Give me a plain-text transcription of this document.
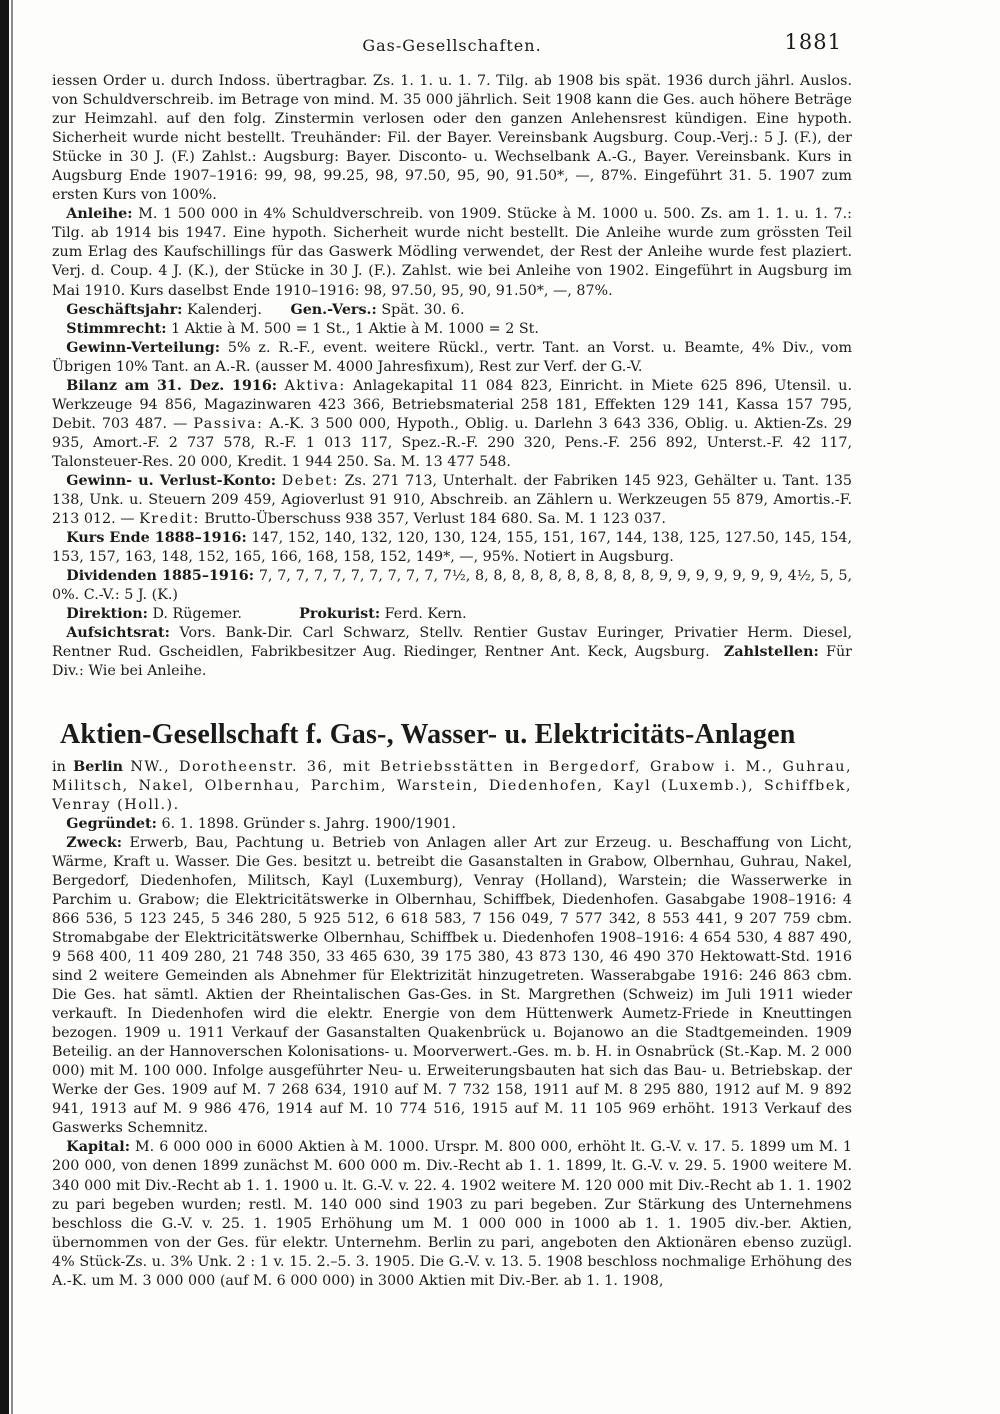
Gas-Gesellschaften.	1881

iessen Order u. durch Indoss. übertragbar. Zs. 1. 1. u. 1. 7. Tilg. ab 1908 bis spät. 1936 durch jährl. Auslos. von Schuldverschreib. im Betrage von mind. M. 35 000 jährlich. Seit 1908 kann die Ges. auch höhere Beträge zur Heimzahl. auf den folg. Zinstermin verlosen oder den ganzen Anlehensrest kündigen. Eine hypoth. Sicherheit wurde nicht bestellt. Treuhänder: Fil. der Bayer. Vereinsbank Augsburg. Coup.-Verj.: 5 J. (F.), der Stücke in 30 J. (F.) Zahlst.: Augsburg: Bayer. Disconto- u. Wechselbank A.-G., Bayer. Vereinsbank. Kurs in Augsburg Ende 1907–1916: 99, 98, 99.25, 98, 97.50, 95, 90, 91.50*, —, 87%. Eingeführt 31. 5. 1907 zum ersten Kurs von 100%.

 Anleihe: M. 1 500 000 in 4% Schuldverschreib. von 1909. Stücke à M. 1000 u. 500. Zs. am 1. 1. u. 1. 7.: Tilg. ab 1914 bis 1947. Eine hypoth. Sicherheit wurde nicht bestellt. Die Anleihe wurde zum grössten Teil zum Erlag des Kaufschillings für das Gaswerk Mödling verwendet, der Rest der Anleihe wurde fest plaziert. Verj. d. Coup. 4 J. (K.), der Stücke in 30 J. (F.). Zahlst. wie bei Anleihe von 1902. Eingeführt in Augsburg im Mai 1910. Kurs daselbst Ende 1910–1916: 98, 97.50, 95, 90, 91.50*, —, 87%.

 Geschäftsjahr: Kalenderj.   Gen.-Vers.: Spät. 30. 6.

 Stimmrecht: 1 Aktie à M. 500 = 1 St., 1 Aktie à M. 1000 = 2 St.

 Gewinn-Verteilung: 5% z. R.-F., event. weitere Rückl., vertr. Tant. an Vorst. u. Beamte, 4% Div., vom Übrigen 10% Tant. an A.-R. (ausser M. 4000 Jahresfixum), Rest zur Verf. der G.-V.

 Bilanz am 31. Dez. 1916: Aktiva: Anlagekapital 11 084 823, Einricht. in Miete 625 896, Utensil. u. Werkzeuge 94 856, Magazinwaren 423 366, Betriebsmaterial 258 181, Effekten 129 141, Kassa 157 795, Debit. 703 487. — Passiva: A.-K. 3 500 000, Hypoth., Oblig. u. Darlehn 3 643 336, Oblig. u. Aktien-Zs. 29 935, Amort.-F. 2 737 578, R.-F. 1 013 117, Spez.-R.-F. 290 320, Pens.-F. 256 892, Unterst.-F. 42 117, Talonsteuer-Res. 20 000, Kredit. 1 944 250. Sa. M. 13 477 548.

 Gewinn- u. Verlust-Konto: Debet: Zs. 271 713, Unterhalt. der Fabriken 145 923, Gehälter u. Tant. 135 138, Unk. u. Steuern 209 459, Agioverlust 91 910, Abschreib. an Zählern u. Werkzeugen 55 879, Amortis.-F. 213 012. — Kredit: Brutto-Überschuss 938 357, Verlust 184 680. Sa. M. 1 123 037.

 Kurs Ende 1888–1916: 147, 152, 140, 132, 120, 130, 124, 155, 151, 167, 144, 138, 125, 127.50, 145, 154, 153, 157, 163, 148, 152, 165, 166, 168, 158, 152, 149*, —, 95%. Notiert in Augsburg.

 Dividenden 1885–1916: 7, 7, 7, 7, 7, 7, 7, 7, 7, 7, 7½, 8, 8, 8, 8, 8, 8, 8, 8, 8, 8, 9, 9, 9, 9, 9, 9, 9, 4½, 5, 5, 0%. C.-V.: 5 J. (K.)

 Direktion: D. Rügemer.    	Prokurist: Ferd. Kern.

 Aufsichtsrat: Vors. Bank-Dir. Carl Schwarz, Stellv. Rentier Gustav Euringer, Privatier Herm. Diesel, Rentner Rud. Gscheidlen, Fabrikbesitzer Aug. Riedinger, Rentner Ant. Keck, Augsburg.  Zahlstellen: Für Div.: Wie bei Anleihe.

Aktien-Gesellschaft f. Gas-, Wasser- u. Elektricitäts-Anlagen

in Berlin NW., Dorotheenstr. 36, mit Betriebsstätten in Bergedorf, Grabow i. M., Guhrau, Militsch, Nakel, Olbernhau, Parchim, Warstein, Diedenhofen, Kayl (Luxemb.), Schiffbek, Venray (Holl.).

 Gegründet: 6. 1. 1898. Gründer s. Jahrg. 1900/1901.

 Zweck: Erwerb, Bau, Pachtung u. Betrieb von Anlagen aller Art zur Erzeug. u. Beschaffung von Licht, Wärme, Kraft u. Wasser. Die Ges. besitzt u. betreibt die Gasanstalten in Grabow, Olbernhau, Guhrau, Nakel, Bergedorf, Diedenhofen, Militsch, Kayl (Luxemburg), Venray (Holland), Warstein; die Wasserwerke in Parchim u. Grabow; die Elektricitätswerke in Olbernhau, Schiffbek, Diedenhofen. Gasabgabe 1908–1916: 4 866 536, 5 123 245, 5 346 280, 5 925 512, 6 618 583, 7 156 049, 7 577 342, 8 553 441, 9 207 759 cbm. Stromabgabe der Elektricitätswerke Olbernhau, Schiffbek u. Diedenhofen 1908–1916: 4 654 530, 4 887 490, 9 568 400, 11 409 280, 21 748 350, 33 465 630, 39 175 380, 43 873 130, 46 490 370 Hektowatt-Std. 1916 sind 2 weitere Gemeinden als Abnehmer für Elektrizität hinzugetreten. Wasserabgabe 1916: 246 863 cbm. Die Ges. hat sämtl. Aktien der Rheintalischen Gas-Ges. in St. Margrethen (Schweiz) im Juli 1911 wieder verkauft. In Diedenhofen wird die elektr. Energie von dem Hüttenwerk Aumetz-Friede in Kneuttingen bezogen. 1909 u. 1911 Verkauf der Gasanstalten Quakenbrück u. Bojanowo an die Stadtgemeinden. 1909 Beteilig. an der Hannoverschen Kolonisations- u. Moorverwert.-Ges. m. b. H. in Osnabrück (St.-Kap. M. 2 000 000) mit M. 100 000. Infolge ausgeführter Neu- u. Erweiterungsbauten hat sich das Bau- u. Betriebskap. der Werke der Ges. 1909 auf M. 7 268 634, 1910 auf M. 7 732 158, 1911 auf M. 8 295 880, 1912 auf M. 9 892 941, 1913 auf M. 9 986 476, 1914 auf M. 10 774 516, 1915 auf M. 11 105 969 erhöht. 1913 Verkauf des Gaswerks Schemnitz.

 Kapital: M. 6 000 000 in 6000 Aktien à M. 1000. Urspr. M. 800 000, erhöht lt. G.-V. v. 17. 5. 1899 um M. 1 200 000, von denen 1899 zunächst M. 600 000 m. Div.-Recht ab 1. 1. 1899, lt. G.-V. v. 29. 5. 1900 weitere M. 340 000 mit Div.-Recht ab 1. 1. 1900 u. lt. G.-V. v. 22. 4. 1902 weitere M. 120 000 mit Div.-Recht ab 1. 1. 1902 zu pari begeben wurden; restl. M. 140 000 sind 1903 zu pari begeben. Zur Stärkung des Unternehmens beschloss die G.-V. v. 25. 1. 1905 Erhöhung um M. 1 000 000 in 1000 ab 1. 1. 1905 div.-ber. Aktien, übernommen von der Ges. für elektr. Unternehm. Berlin zu pari, angeboten den Aktionären ebenso zuzügl. 4% Stück-Zs. u. 3% Unk. 2 : 1 v. 15. 2.–5. 3. 1905. Die G.-V. v. 13. 5. 1908 beschloss nochmalige Erhöhung des A.-K. um M. 3 000 000 (auf M. 6 000 000) in 3000 Aktien mit Div.-Ber. ab 1. 1. 1908,
